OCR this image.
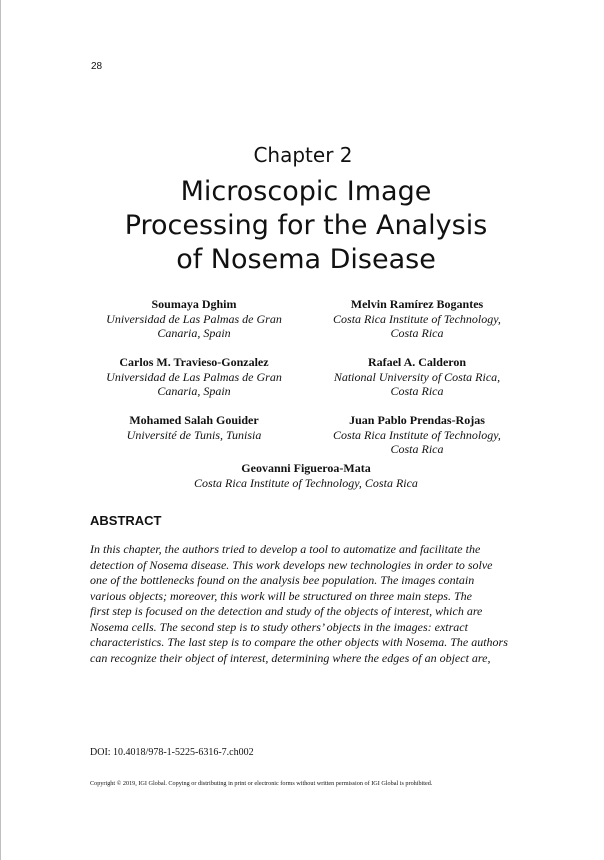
28
Chapter 2
Microscopic Image
Processing for the Analysis
of Nosema Disease
Soumaya Dghim
Universidad de Las Palmas de Gran
Canaria, Spain
Melvin Ramírez Bogantes
Costa Rica Institute of Technology,
Costa Rica
Carlos M. Travieso-Gonzalez
Universidad de Las Palmas de Gran
Canaria, Spain
Rafael A. Calderon
National University of Costa Rica,
Costa Rica
Mohamed Salah Gouider
Université de Tunis, Tunisia
Juan Pablo Prendas-Rojas
Costa Rica Institute of Technology,
Costa Rica
Geovanni Figueroa-Mata
Costa Rica Institute of Technology, Costa Rica
ABSTRACT
In this chapter, the authors tried to develop a tool to automatize and facilitate the
detection of Nosema disease. This work develops new technologies in order to solve
one of the bottlenecks found on the analysis bee population. The images contain
various objects; moreover, this work will be structured on three main steps. The
first step is focused on the detection and study of the objects of interest, which are
Nosema cells. The second step is to study others’ objects in the images: extract
characteristics. The last step is to compare the other objects with Nosema. The authors
can recognize their object of interest, determining where the edges of an object are,
DOI: 10.4018/978-1-5225-6316-7.ch002
Copyright © 2019, IGI Global. Copying or distributing in print or electronic forms without written permission of IGI Global is prohibited.
